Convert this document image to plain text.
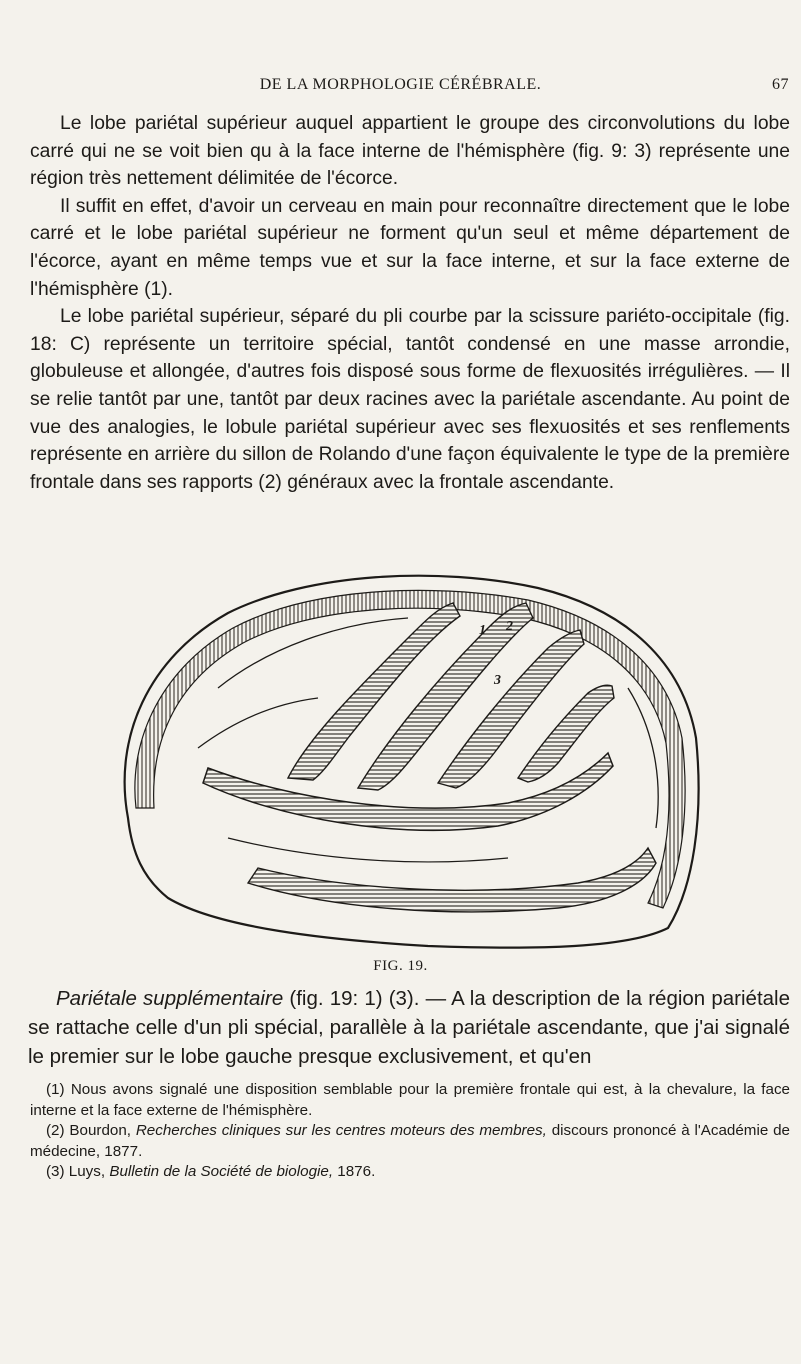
DE LA MORPHOLOGIE CÉRÉBRALE.	67

Le lobe pariétal supérieur auquel appartient le groupe des circonvolutions du lobe carré qui ne se voit bien qu à la face interne de l'hémisphère (fig. 9: 3) représente une région très nettement délimitée de l'écorce.

Il suffit en effet, d'avoir un cerveau en main pour reconnaître directement que le lobe carré et le lobe pariétal supérieur ne forment qu'un seul et même département de l'écorce, ayant en même temps vue et sur la face interne, et sur la face externe de l'hémisphère (1).

Le lobe pariétal supérieur, séparé du pli courbe par la scissure pariéto-occipitale (fig. 18: C) représente un territoire spécial, tantôt condensé en une masse arrondie, globuleuse et allongée, d'autres fois disposé sous forme de flexuosités irrégulières. — Il se relie tantôt par une, tantôt par deux racines avec la pariétale ascendante. Au point de vue des analogies, le lobule pariétal supérieur avec ses flexuosités et ses renflements représente en arrière du sillon de Rolando d'une façon équivalente le type de la première frontale dans ses rapports (2) généraux avec la frontale ascendante.

2
1
3
FIG. 19.

Pariétale supplémentaire (fig. 19: 1) (3). — A la description de la région pariétale se rattache celle d'un pli spécial, parallèle à la pariétale ascendante, que j'ai signalé le premier sur le lobe gauche presque exclusivement, et qu'en

(1) Nous avons signalé une disposition semblable pour la première frontale qui est, à la chevalure, la face interne et la face externe de l'hémisphère.

(2) Bourdon, Recherches cliniques sur les centres moteurs des membres, discours prononcé à l'Académie de médecine, 1877.

(3) Luys, Bulletin de la Société de biologie, 1876.
